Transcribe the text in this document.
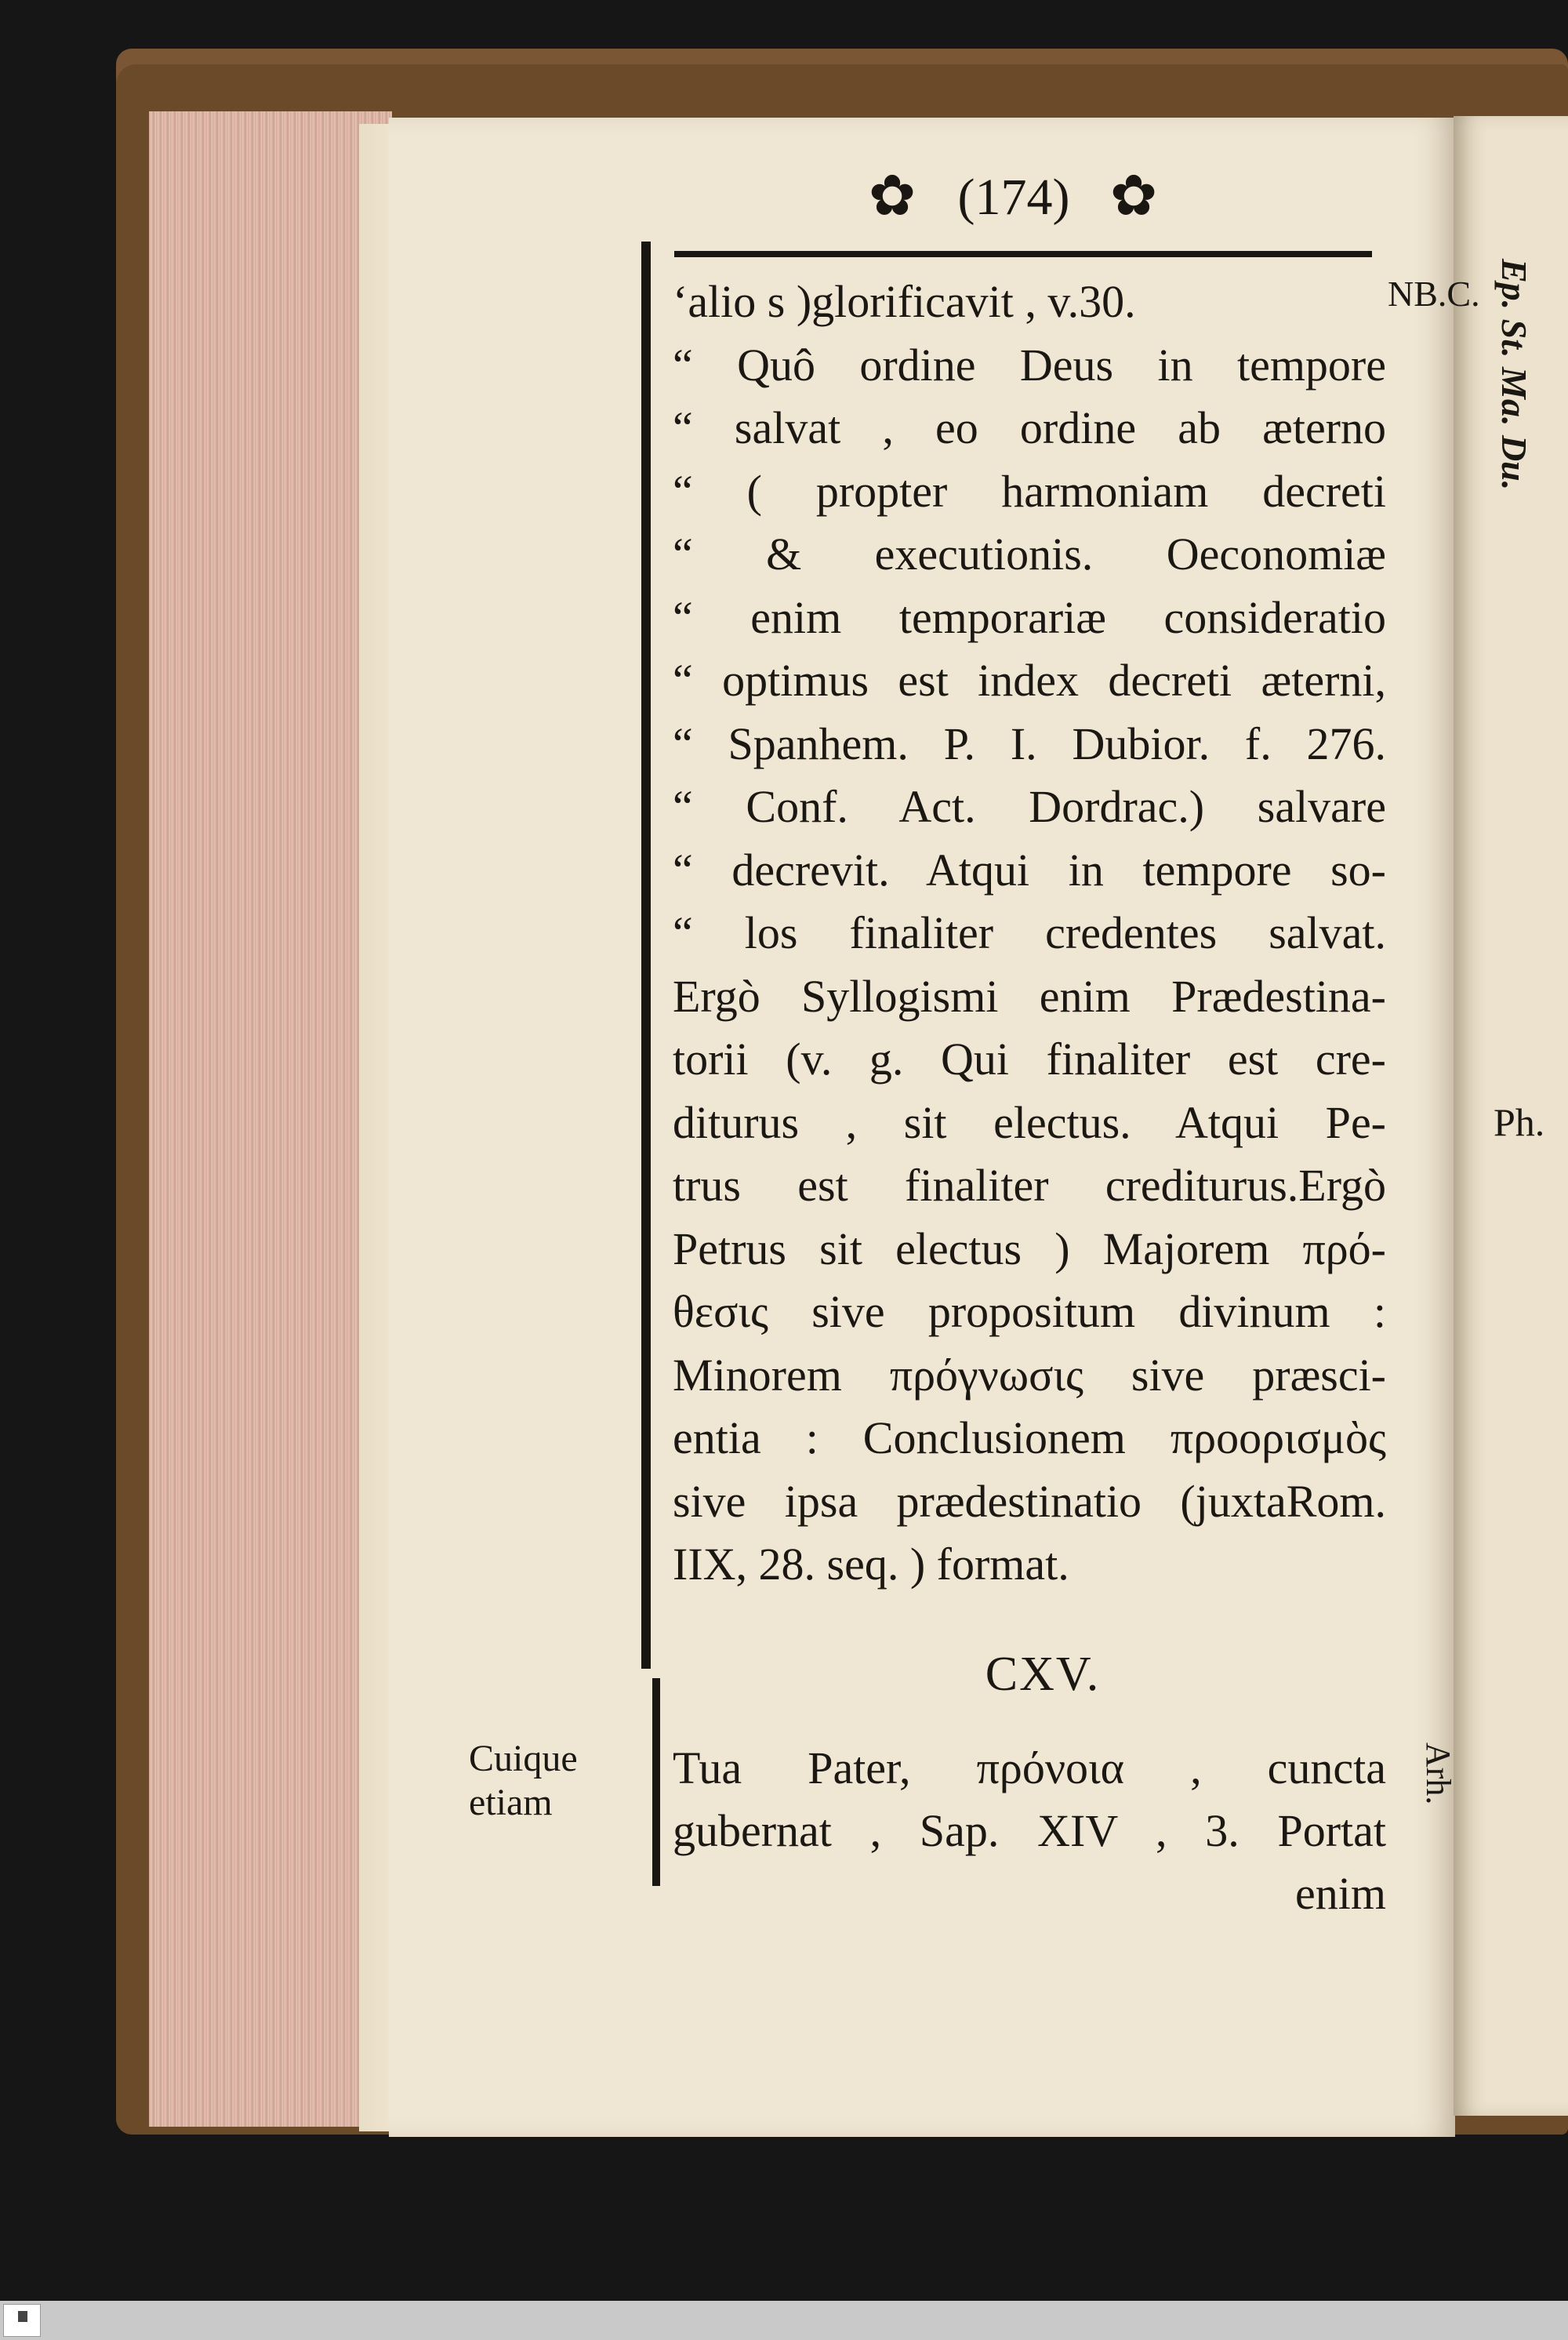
✿ (174) ✿
‘alio s )glorificavit , v.30.
“ Quô ordine Deus in tempore
“ salvat , eo ordine ab æterno
“ ( propter harmoniam decreti
“ & executionis. Oeconomiæ
“ enim temporariæ consideratio
“ optimus est index decreti æterni,
“ Spanhem. P. I. Dubior. f. 276.
“ Conf. Act. Dordrac.) salvare
“ decrevit. Atqui in tempore so-
“ los finaliter credentes salvat.
Ergò Syllogismi enim Prædestina-
torii (v. g. Qui finaliter est cre-
diturus , sit electus. Atqui Pe-
trus est finaliter crediturus.Ergò
Petrus sit electus ) Majorem πρό-
θεσις sive propositum divinum :
Minorem πρόγνωσις sive præsci-
entia : Conclusionem προορισμὸς
sive ipsa prædestinatio (juxtaRom.
IIX, 28. seq. ) format.
NB.C.
CXV.
Tua Pater, πρόνοια , cuncta
gubernat , Sap. XIV , 3. Portat
enim
Cuique
etiam
Ep. St. Ma. Du.
Ph.
Arh.
